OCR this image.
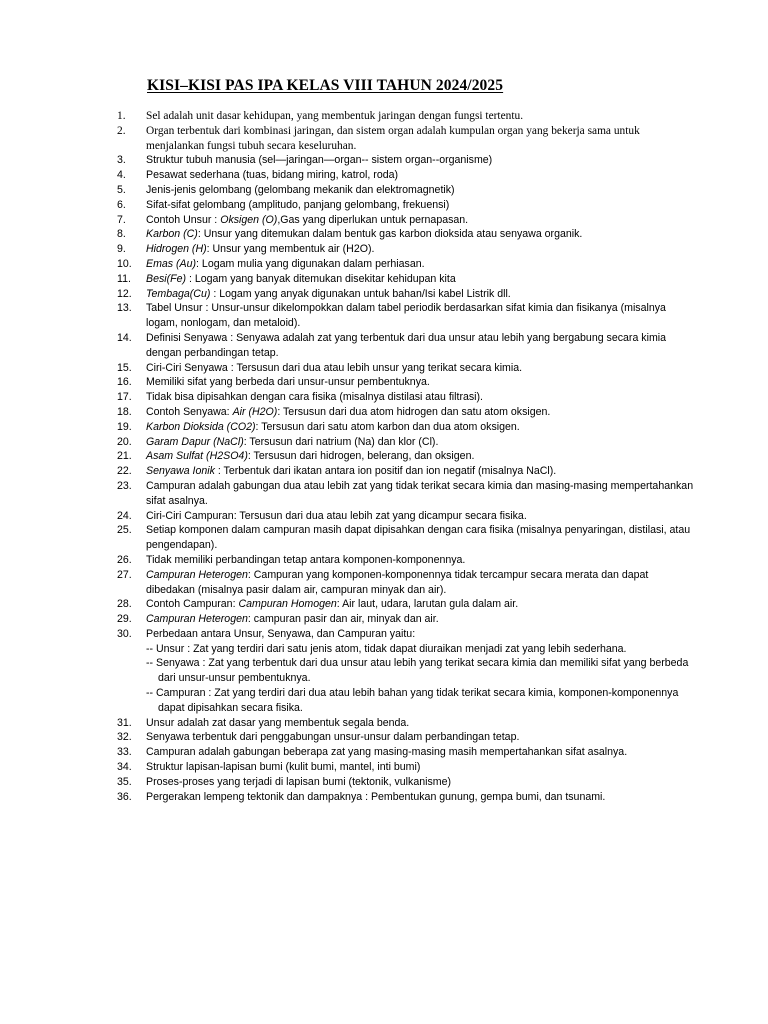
KISI–KISI PAS IPA KELAS VIII TAHUN 2024/2025
1. Sel adalah unit dasar kehidupan, yang membentuk jaringan dengan fungsi tertentu.
2. Organ terbentuk dari kombinasi jaringan, dan sistem organ adalah kumpulan organ yang bekerja sama untuk menjalankan fungsi tubuh secara keseluruhan.
3. Struktur tubuh manusia (sel—jaringan—organ-- sistem organ--organisme)
4. Pesawat sederhana (tuas, bidang miring, katrol, roda)
5. Jenis-jenis gelombang (gelombang mekanik dan elektromagnetik)
6. Sifat-sifat gelombang (amplitudo, panjang gelombang, frekuensi)
7. Contoh Unsur : Oksigen (O),Gas yang diperlukan untuk pernapasan.
8. Karbon (C): Unsur yang ditemukan dalam bentuk gas karbon dioksida atau senyawa organik.
9. Hidrogen (H): Unsur yang membentuk air (H2O).
10. Emas (Au): Logam mulia yang digunakan dalam perhiasan.
11. Besi(Fe) : Logam yang banyak ditemukan disekitar kehidupan kita
12. Tembaga(Cu) : Logam yang anyak digunakan untuk bahan/Isi kabel Listrik dll.
13. Tabel Unsur : Unsur-unsur dikelompokkan dalam tabel periodik berdasarkan sifat kimia dan fisikanya (misalnya logam, nonlogam, dan metaloid).
14. Definisi Senyawa : Senyawa adalah zat yang terbentuk dari dua unsur atau lebih yang bergabung secara kimia dengan perbandingan tetap.
15. Ciri-Ciri Senyawa : Tersusun dari dua atau lebih unsur yang terikat secara kimia.
16. Memiliki sifat yang berbeda dari unsur-unsur pembentuknya.
17. Tidak bisa dipisahkan dengan cara fisika (misalnya distilasi atau filtrasi).
18. Contoh Senyawa: Air (H2O): Tersusun dari dua atom hidrogen dan satu atom oksigen.
19. Karbon Dioksida (CO2): Tersusun dari satu atom karbon dan dua atom oksigen.
20. Garam Dapur (NaCl): Tersusun dari natrium (Na) dan klor (Cl).
21. Asam Sulfat (H2SO4): Tersusun dari hidrogen, belerang, dan oksigen.
22. Senyawa Ionik : Terbentuk dari ikatan antara ion positif dan ion negatif (misalnya NaCl).
23. Campuran adalah gabungan dua atau lebih zat yang tidak terikat secara kimia dan masing-masing mempertahankan sifat asalnya.
24. Ciri-Ciri Campuran: Tersusun dari dua atau lebih zat yang dicampur secara fisika.
25. Setiap komponen dalam campuran masih dapat dipisahkan dengan cara fisika (misalnya penyaringan, distilasi, atau pengendapan).
26. Tidak memiliki perbandingan tetap antara komponen-komponennya.
27. Campuran Heterogen: Campuran yang komponen-komponennya tidak tercampur secara merata dan dapat dibedakan (misalnya pasir dalam air, campuran minyak dan air).
28. Contoh Campuran: Campuran Homogen: Air laut, udara, larutan gula dalam air.
29. Campuran Heterogen: campuran pasir dan air, minyak dan air.
30. Perbedaan antara Unsur, Senyawa, dan Campuran yaitu:
-- Unsur : Zat yang terdiri dari satu jenis atom, tidak dapat diuraikan menjadi zat yang lebih sederhana.
-- Senyawa : Zat yang terbentuk dari dua unsur atau lebih yang terikat secara kimia dan memiliki sifat yang berbeda dari unsur-unsur pembentuknya.
-- Campuran : Zat yang terdiri dari dua atau lebih bahan yang tidak terikat secara kimia, komponen-komponennya dapat dipisahkan secara fisika.
31. Unsur adalah zat dasar yang membentuk segala benda.
32. Senyawa terbentuk dari penggabungan unsur-unsur dalam perbandingan tetap.
33. Campuran adalah gabungan beberapa zat yang masing-masing masih mempertahankan sifat asalnya.
34. Struktur lapisan-lapisan bumi (kulit bumi, mantel, inti bumi)
35. Proses-proses yang terjadi di lapisan bumi (tektonik, vulkanisme)
36. Pergerakan lempeng tektonik dan dampaknya : Pembentukan gunung, gempa bumi, dan tsunami.
